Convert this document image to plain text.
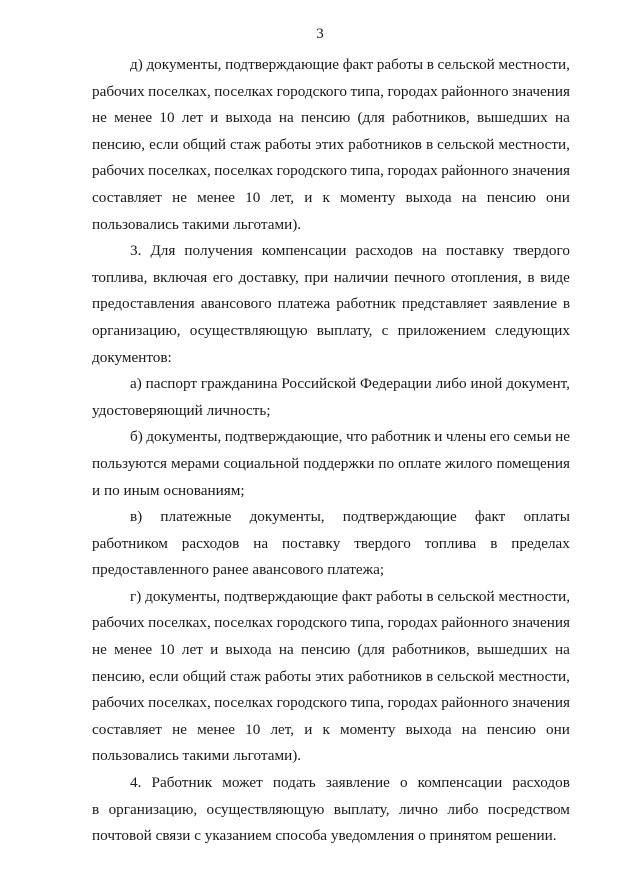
3
д) документы, подтверждающие факт работы в сельской местности,
рабочих поселках, поселках городского типа, городах районного значения
не менее 10 лет и выхода на пенсию (для работников, вышедших на
пенсию, если общий стаж работы этих работников в сельской местности,
рабочих поселках, поселках городского типа, городах районного значения
составляет не менее 10 лет, и к моменту выхода на пенсию они
пользовались такими льготами).
3. Для получения компенсации расходов на поставку твердого
топлива, включая его доставку, при наличии печного отопления, в виде
предоставления авансового платежа работник представляет заявление в
организацию, осуществляющую выплату, с приложением следующих
документов:
а) паспорт гражданина Российской Федерации либо иной документ,
удостоверяющий личность;
б) документы, подтверждающие, что работник и члены его семьи не
пользуются мерами социальной поддержки по оплате жилого помещения
и по иным основаниям;
в) платежные документы, подтверждающие факт оплаты
работником расходов на поставку твердого топлива в пределах
предоставленного ранее авансового платежа;
г) документы, подтверждающие факт работы в сельской местности,
рабочих поселках, поселках городского типа, городах районного значения
не менее 10 лет и выхода на пенсию (для работников, вышедших на
пенсию, если общий стаж работы этих работников в сельской местности,
рабочих поселках, поселках городского типа, городах районного значения
составляет не менее 10 лет, и к моменту выхода на пенсию они
пользовались такими льготами).
4. Работник может подать заявление о компенсации расходов
в организацию, осуществляющую выплату, лично либо посредством
почтовой связи с указанием способа уведомления о принятом решении.
